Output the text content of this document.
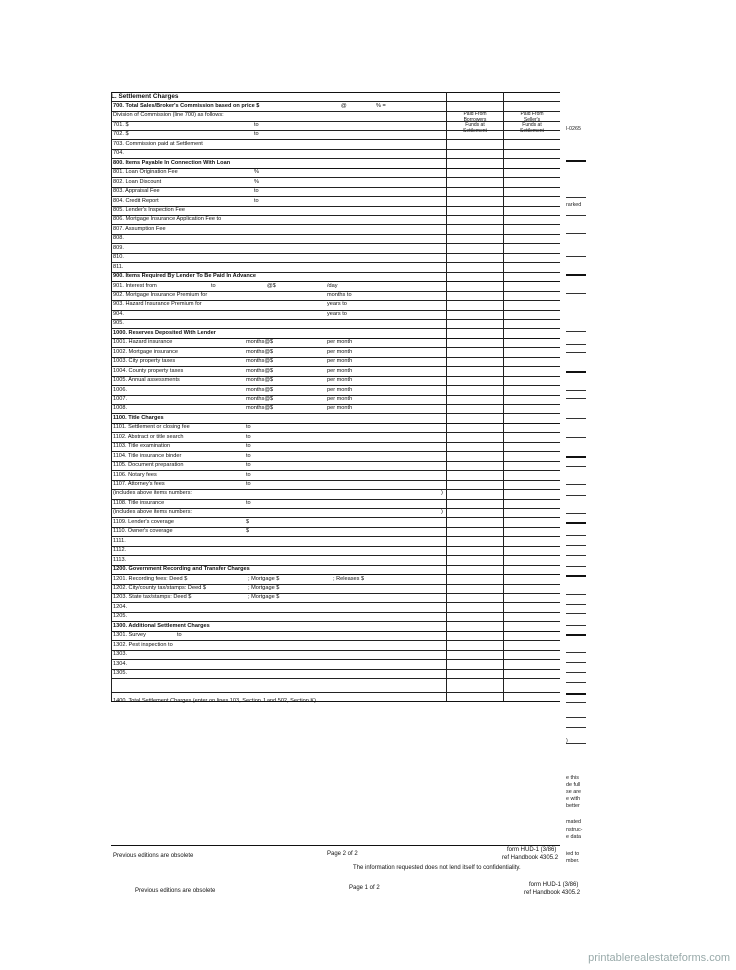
L. Settlement Charges
Paid From
Borrowers
Funds at
Settlement
Paid From
Seller's
Funds at
Settlement
700. Total Sales/Broker's Commission based on price $	@	% =
Division of Commission (line 700) as follows:
701. $	to
702. $	to
703. Commission paid at Settlement
704.
800. Items Payable In Connection With Loan
801. Loan Origination Fee	%
802. Loan Discount	%
803. Appraisal Fee	to
804. Credit Report	to
805. Lender's Inspection Fee
806. Mortgage Insurance Application Fee to
807. Assumption Fee
808.
809.
810.
811.
900. Items Required By Lender To Be Paid In Advance
901. Interest from	to	@$	/day
902. Mortgage Insurance Premium for	months to
903. Hazard Insurance Premium for	years to
904.	years to
905.
1000. Reserves Deposited With Lender
1001. Hazard insurance	months@$	per month
1002. Mortgage insurance	months@$	per month
1003. City property taxes	months@$	per month
1004. County property taxes	months@$	per month
1005. Annual assessments	months@$	per month
1006.	months@$	per month
1007.	months@$	per month
1008.	months@$	per month
1100. Title Charges
1101. Settlement or closing fee	to
1102. Abstract or title search	to
1103. Title examination	to
1104. Title insurance binder	to
1105. Document preparation	to
1106. Notary fees	to
1107. Attorney's fees	to
(includes above items numbers:	)
1108. Title insurance	to
(includes above items numbers:	)
1109. Lender's coverage	$
1110. Owner's coverage	$
1111.
1112.
1113.
1200. Government Recording and Transfer Charges
1201. Recording fees: Deed $	; Mortgage $	; Releases $
1202. City/county tax/stamps: Deed $	; Mortgage $
1203. State tax/stamps: Deed $	; Mortgage $
1204.
1205.
1300. Additional Settlement Charges
1301. Survey	to
1302. Pest inspection to
1303.
1304.
1305.
1400. Total Settlement Charges (enter on lines 103, Section J and 502, Section K)
l-0265
rarked
)
e this
de full
se are
e with
better
mated
nstruc-
e data
ied to
mber.
Previous editions are obsolete	Page 2 of 2
form HUD-1 (3/86)
ref Handbook 4305.2
The information requested does not lend itself to confidentiality.
Previous editions are obsolete	Page 1 of 2	form HUD-1 (3/86)
ref Handbook 4305.2
printablerealestateforms.com
